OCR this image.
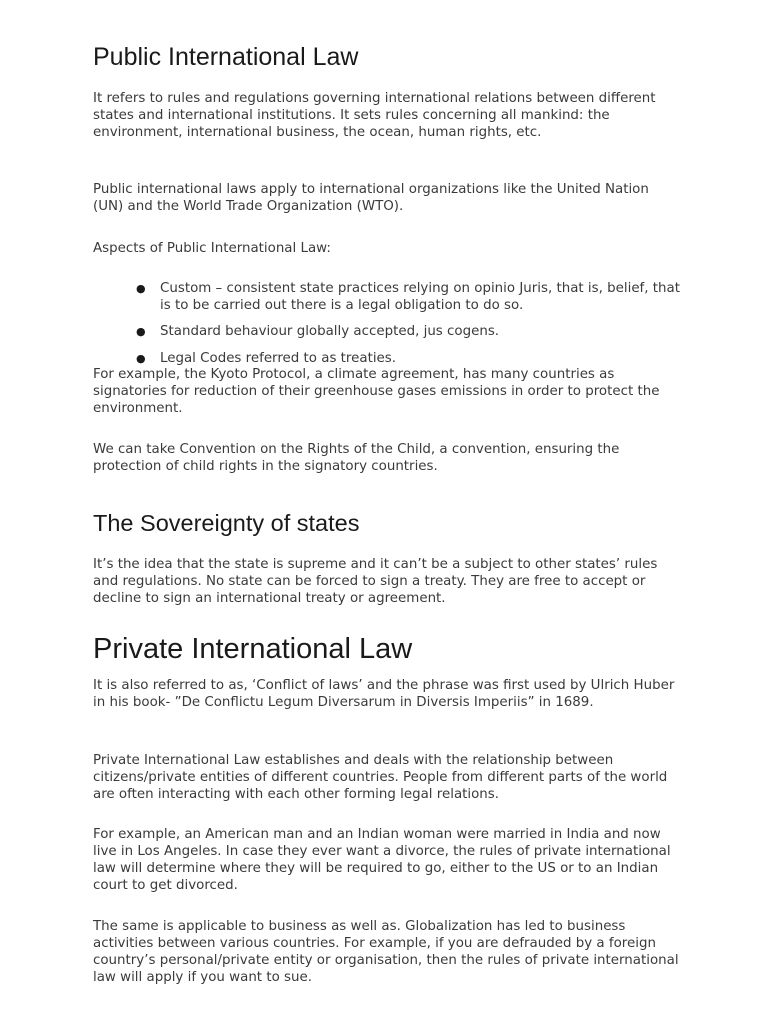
Public International Law

It refers to rules and regulations governing international relations between different states and international institutions. It sets rules concerning all mankind: the environment, international business, the ocean, human rights, etc.

Public international laws apply to international organizations like the United Nation (UN) and the World Trade Organization (WTO).

Aspects of Public International Law:

● Custom – consistent state practices relying on opinio Juris, that is, belief, that is to be carried out there is a legal obligation to do so.
● Standard behaviour globally accepted, jus cogens.
● Legal Codes referred to as treaties.

For example, the Kyoto Protocol, a climate agreement, has many countries as signatories for reduction of their greenhouse gases emissions in order to protect the environment.

We can take Convention on the Rights of the Child, a convention, ensuring the protection of child rights in the signatory countries.

The Sovereignty of states

It’s the idea that the state is supreme and it can’t be a subject to other states’ rules and regulations. No state can be forced to sign a treaty. They are free to accept or decline to sign an international treaty or agreement.

Private International Law

It is also referred to as, ‘Conflict of laws’ and the phrase was first used by Ulrich Huber in his book- ”De Conflictu Legum Diversarum in Diversis Imperiis” in 1689.

Private International Law establishes and deals with the relationship between citizens/private entities of different countries. People from different parts of the world are often interacting with each other forming legal relations.

For example, an American man and an Indian woman were married in India and now live in Los Angeles. In case they ever want a divorce, the rules of private international law will determine where they will be required to go, either to the US or to an Indian court to get divorced.

The same is applicable to business as well as. Globalization has led to business activities between various countries. For example, if you are defrauded by a foreign country’s personal/private entity or organisation, then the rules of private international law will apply if you want to sue.
